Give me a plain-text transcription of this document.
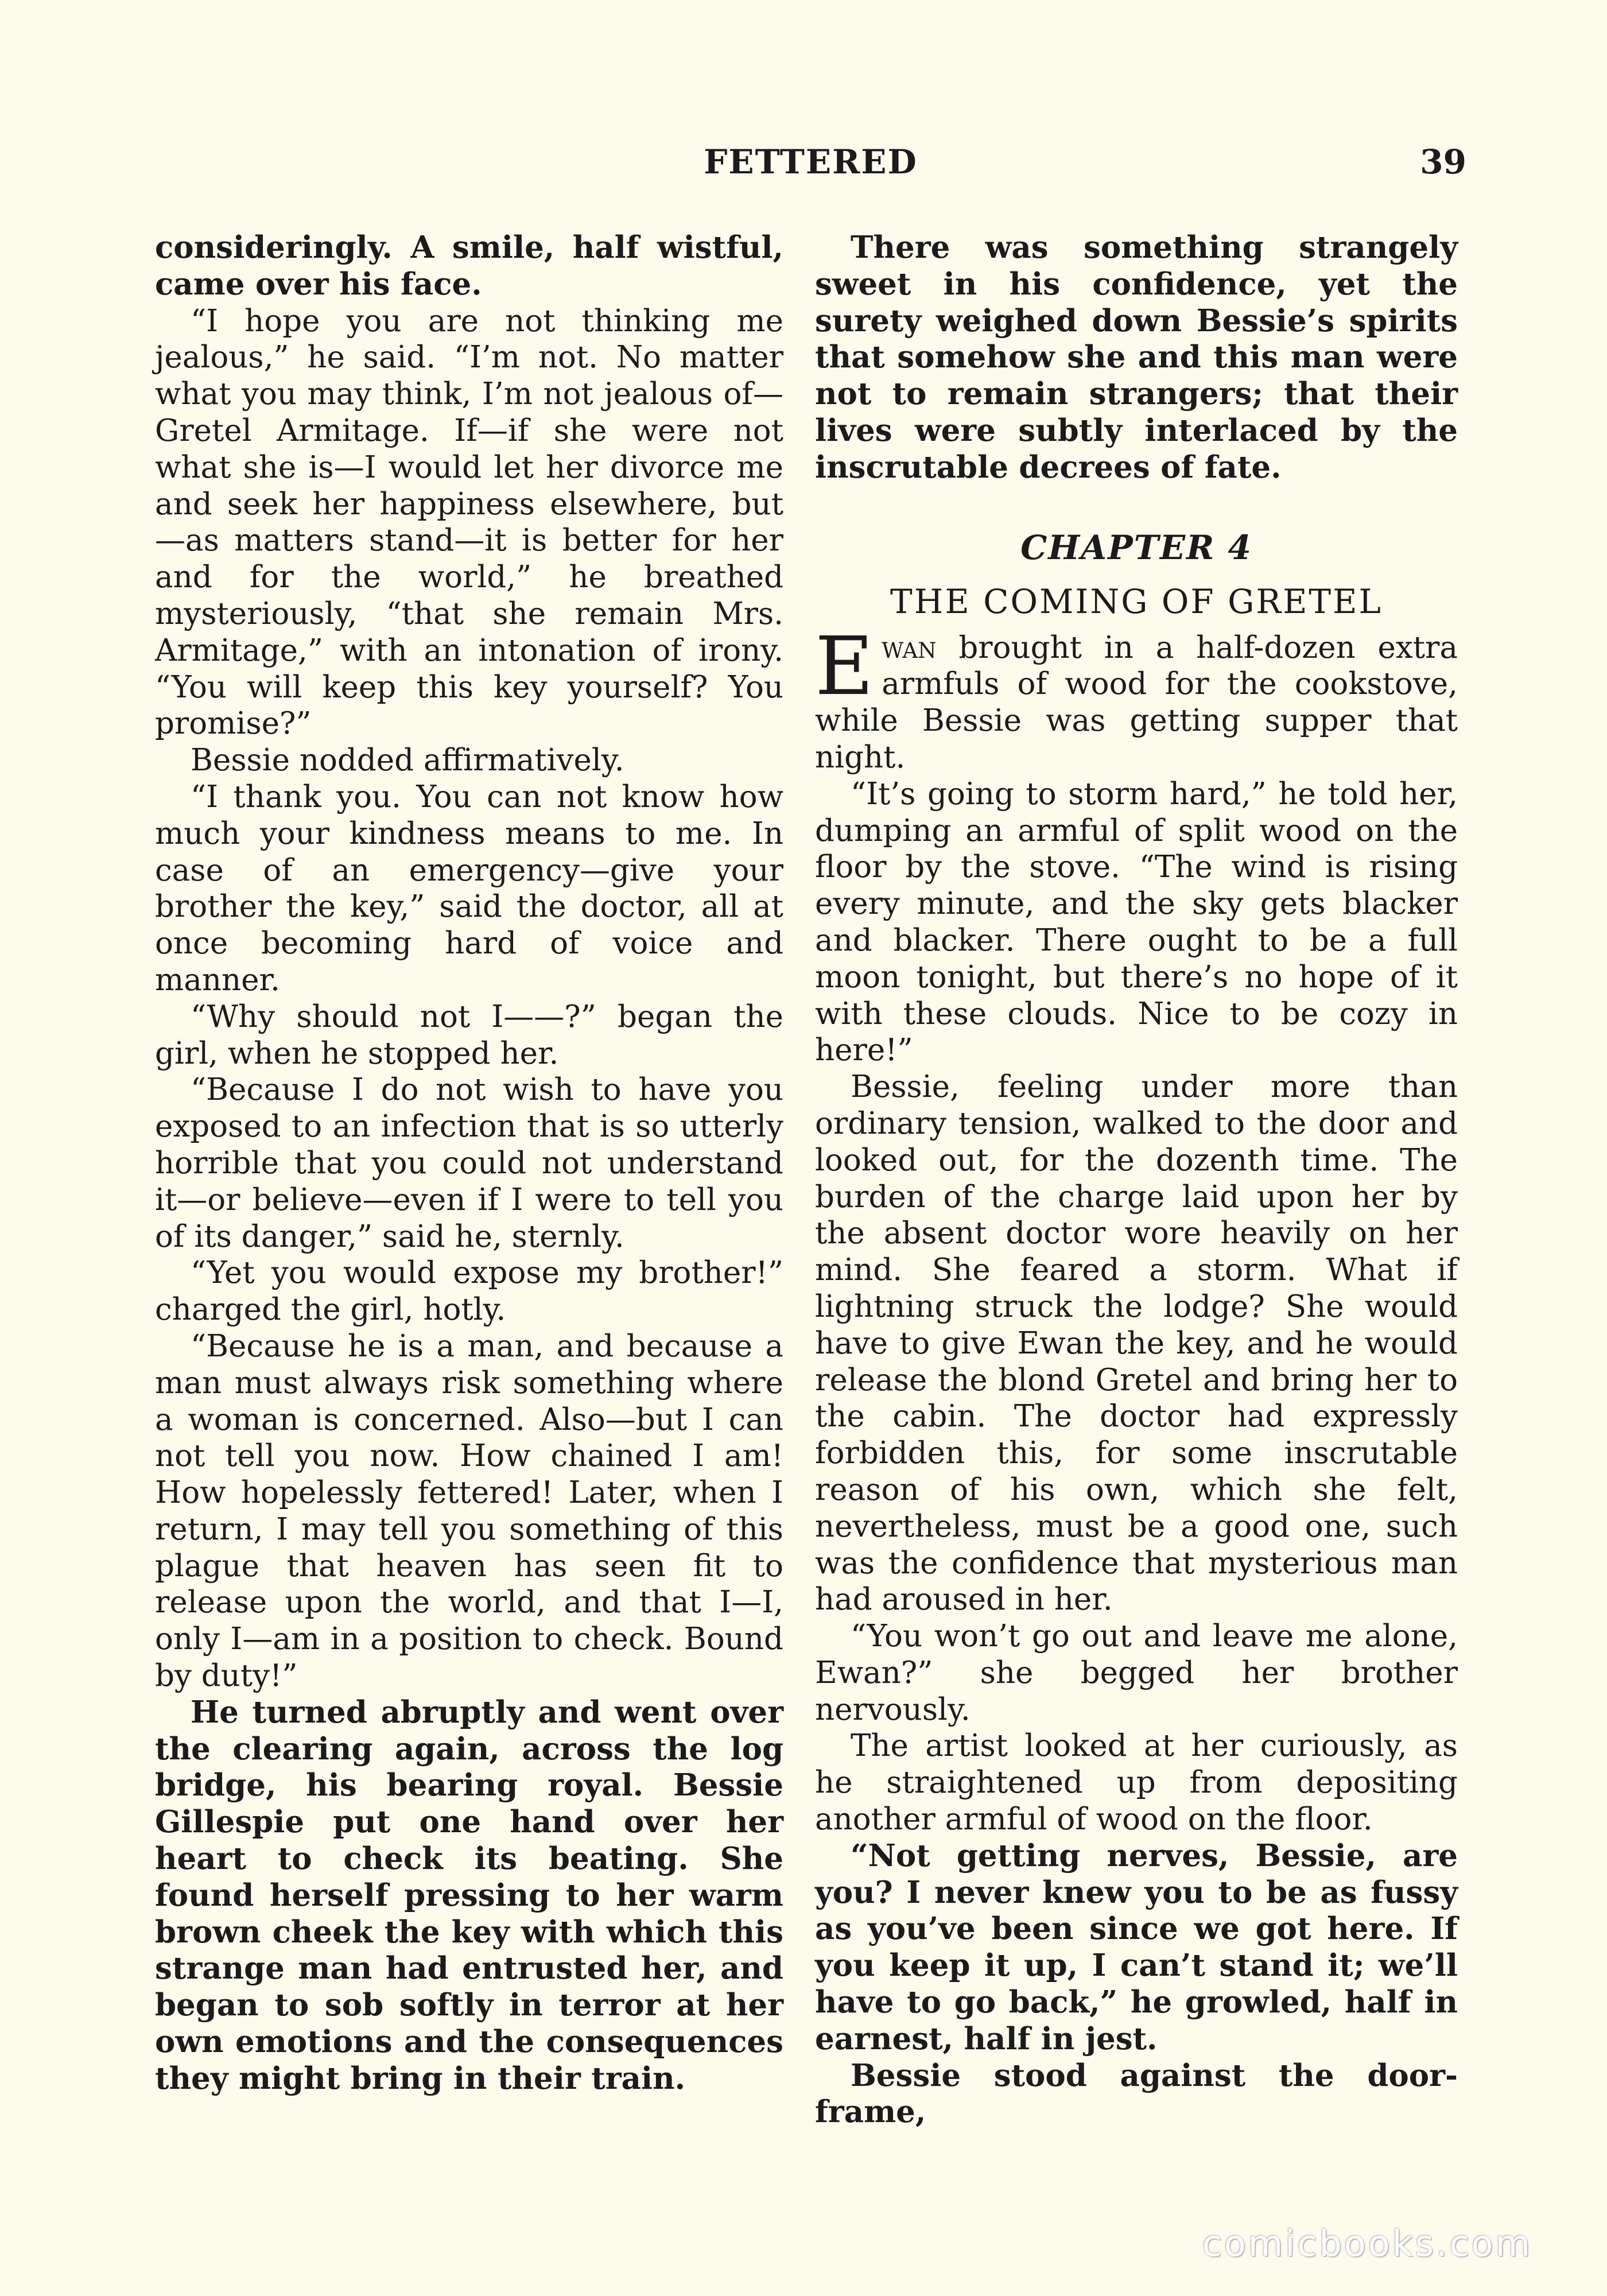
FETTERED	39

consideringly. A smile, half wistful, came over his face.

“I hope you are not thinking me jealous,” he said. “I’m not. No matter what you may think, I’m not jealous of—Gretel Armitage. If—if she were not what she is—I would let her divorce me and seek her happiness elsewhere, but—as matters stand—it is better for her and for the world,” he breathed mysteriously, “that she remain Mrs. Armitage,” with an intonation of irony. “You will keep this key yourself? You promise?”

Bessie nodded affirmatively.

“I thank you. You can not know how much your kindness means to me. In case of an emergency—give your brother the key,” said the doctor, all at once becoming hard of voice and manner.

“Why should not I——?” began the girl, when he stopped her.

“Because I do not wish to have you exposed to an infection that is so utterly horrible that you could not understand it—or believe—even if I were to tell you of its danger,” said he, sternly.

“Yet you would expose my brother!” charged the girl, hotly.

“Because he is a man, and because a man must always risk something where a woman is concerned. Also—but I can not tell you now. How chained I am! How hopelessly fettered! Later, when I return, I may tell you something of this plague that heaven has seen fit to release upon the world, and that I—I, only I—am in a position to check. Bound by duty!”

He turned abruptly and went over the clearing again, across the log bridge, his bearing royal. Bessie Gillespie put one hand over her heart to check its beating. She found herself pressing to her warm brown cheek the key with which this strange man had entrusted her, and began to sob softly in terror at her own emotions and the consequences they might bring in their train.

There was something strangely sweet in his confidence, yet the surety weighed down Bessie’s spirits that somehow she and this man were not to remain strangers; that their lives were subtly interlaced by the inscrutable decrees of fate.

CHAPTER 4
THE COMING OF GRETEL

Ewan brought in a half-dozen extra armfuls of wood for the cookstove, while Bessie was getting supper that night.

“It’s going to storm hard,” he told her, dumping an armful of split wood on the floor by the stove. “The wind is rising every minute, and the sky gets blacker and blacker. There ought to be a full moon tonight, but there’s no hope of it with these clouds. Nice to be cozy in here!”

Bessie, feeling under more than ordinary tension, walked to the door and looked out, for the dozenth time. The burden of the charge laid upon her by the absent doctor wore heavily on her mind. She feared a storm. What if lightning struck the lodge? She would have to give Ewan the key, and he would release the blond Gretel and bring her to the cabin. The doctor had expressly forbidden this, for some inscrutable reason of his own, which she felt, nevertheless, must be a good one, such was the confidence that mysterious man had aroused in her.

“You won’t go out and leave me alone, Ewan?” she begged her brother nervously.

The artist looked at her curiously, as he straightened up from depositing another armful of wood on the floor.

“Not getting nerves, Bessie, are you? I never knew you to be as fussy as you’ve been since we got here. If you keep it up, I can’t stand it; we’ll have to go back,” he growled, half in earnest, half in jest.

Bessie stood against the door-frame,

comicbooks.com
